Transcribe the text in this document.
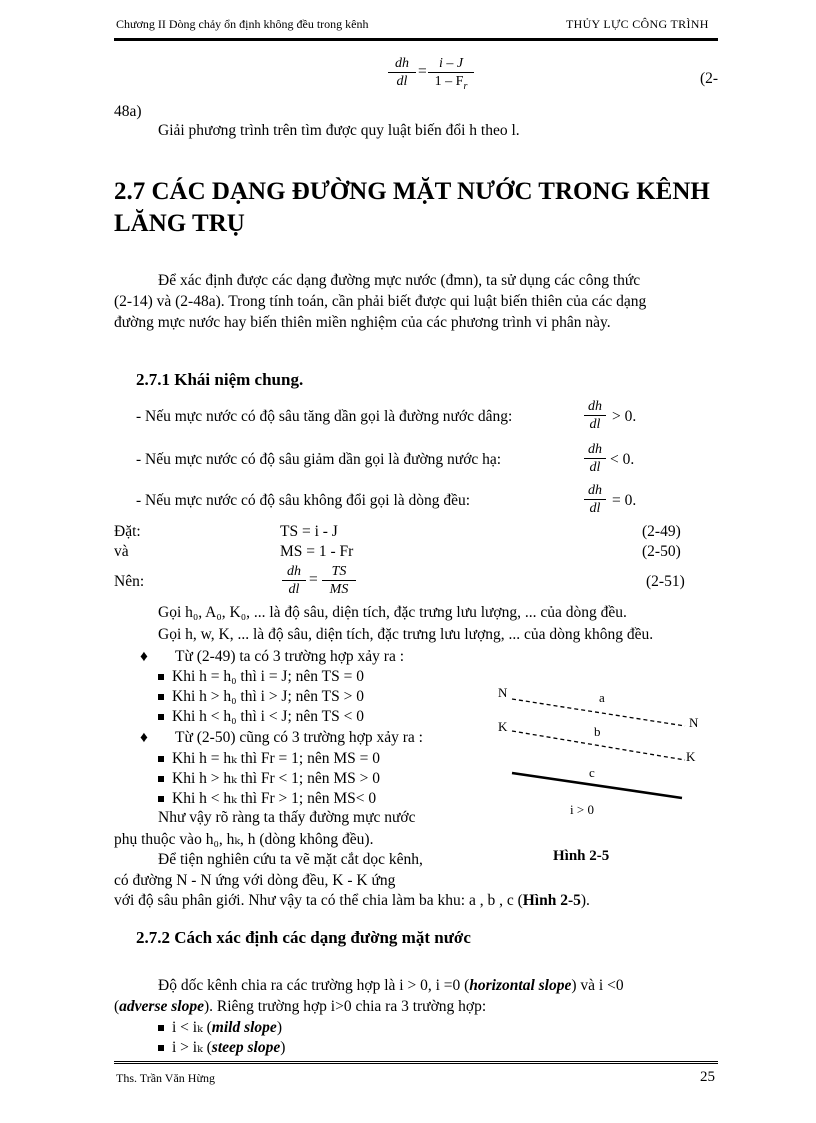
Chương II Dòng chảy ổn định không đều trong kênh	THỦY LỰC CÔNG TRÌNH
$\frac{dh}{dl} = \frac{i - J}{1 - F_r}$	(2-
48a)
Giải phương trình trên tìm được quy luật biến đổi h theo l.
2.7 CÁC DẠNG ĐƯỜNG MẶT NƯỚC TRONG KÊNH
LĂNG TRỤ
Để xác định được các dạng đường mực nước (đmn), ta sử dụng các công thức
(2-14) và (2-48a). Trong tính toán, cần phải biết được qui luật biến thiên của các dạng
đường mực nước hay biến thiên miền nghiệm của các phương trình vi phân này.
2.7.1 Khái niệm chung.
- Nếu mực nước có độ sâu tăng dần gọi là đường nước dâng:	$\frac{dh}{dl} > 0$.
- Nếu mực nước có độ sâu giảm dần gọi là đường nước hạ:	$\frac{dh}{dl} < 0$.
- Nếu mực nước có độ sâu không đổi gọi là dòng đều:	$\frac{dh}{dl} = 0$.
Đặt:	TS = i - J	(2-49)
và	MS = 1 - Fr	(2-50)
Nên:	$\frac{dh}{dl} = \frac{TS}{MS}$	(2-51)
Gọi h₀, A₀, K₀, ... là độ sâu, diện tích, đặc trưng lưu lượng, ... của dòng đều.
Gọi h, w, K, ... là độ sâu, diện tích, đặc trưng lưu lượng, ... của dòng không đều.
♦ Từ (2-49) ta có 3 trường hợp xảy ra :
Khi h = h₀ thì i = J; nên TS = 0
Khi h > h₀ thì i > J; nên TS > 0
Khi h < h₀ thì i < J; nên TS < 0
♦ Từ (2-50) cũng có 3 trường hợp xảy ra :
Khi h = hₖ thì Fr = 1; nên MS = 0
Khi h > hₖ thì Fr < 1; nên MS > 0
Khi h < hₖ thì Fr > 1; nên MS< 0
Như vậy rõ ràng ta thấy đường mực nước
phụ thuộc vào h₀, hₖ, h (dòng không đều).
Để tiện nghiên cứu ta vẽ mặt cắt dọc kênh,
có đường N - N ứng với dòng đều, K - K ứng
với độ sâu phân giới. Như vậy ta có thể chia làm ba khu: a , b , c (Hình 2-5).
N	a
N
K	b
K
c
i > 0
Hình 2-5
2.7.2 Cách xác định các dạng đường mặt nước
Độ dốc kênh chia ra các trường hợp là i > 0, i =0 (horizontal slope) và i <0
(adverse slope). Riêng trường hợp i>0 chia ra 3 trường hợp:
i < iₖ (mild slope)
i > iₖ (steep slope)
Ths. Trần Văn Hừng	25
